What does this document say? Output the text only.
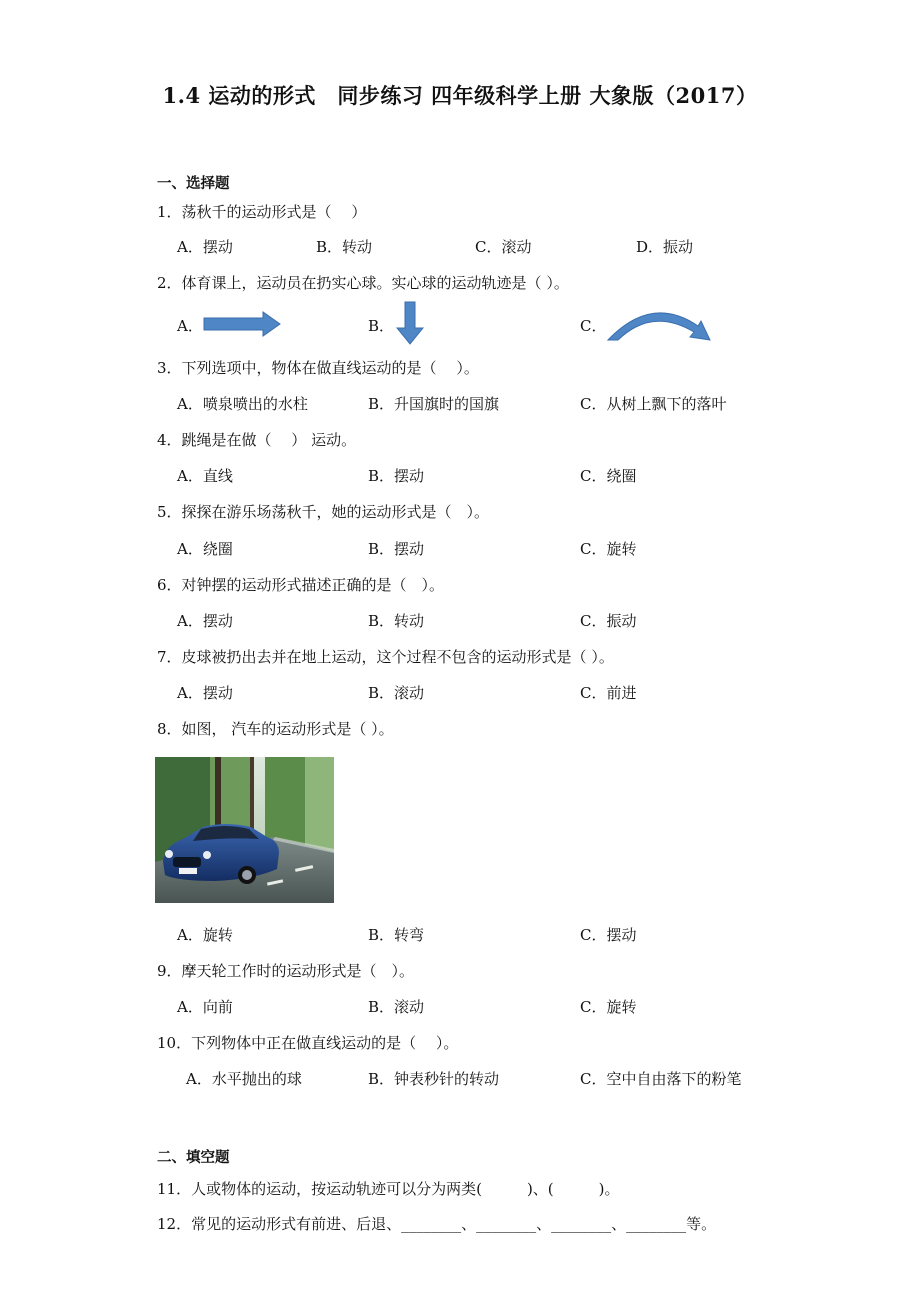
1.4 运动的形式　同步练习 四年级科学上册 大象版（2017）
一、选择题
1．荡秋千的运动形式是（　 ）
A．摆动	B．转动	C．滚动	D．振动
2．体育课上，运动员在扔实心球。实心球的运动轨迹是（ ）。
A．	B．	C．
3．下列选项中，物体在做直线运动的是（　 ）。
A．喷泉喷出的水柱	B．升国旗时的国旗	C．从树上飘下的落叶
4．跳绳是在做（　 ） 运动。
A．直线	B．摆动	C．绕圈
5．探探在游乐场荡秋千，她的运动形式是（　）。
A．绕圈	B．摆动	C．旋转
6．对钟摆的运动形式描述正确的是（　）。
A．摆动	B．转动	C．振动
7．皮球被扔出去并在地上运动，这个过程不包含的运动形式是（ ）。
A．摆动	B．滚动	C．前进
8．如图， 汽车的运动形式是（ ）。
A．旋转	B．转弯	C．摆动
9．摩天轮工作时的运动形式是（　）。
A．向前	B．滚动	C．旋转
10．下列物体中正在做直线运动的是（　 ）。
A．水平抛出的球	B．钟表秒针的转动	C．空中自由落下的粉笔
二、填空题
11．人或物体的运动，按运动轨迹可以分为两类(　　　)、(　　　)。
12．常见的运动形式有前进、后退、________、________、________、________等。
